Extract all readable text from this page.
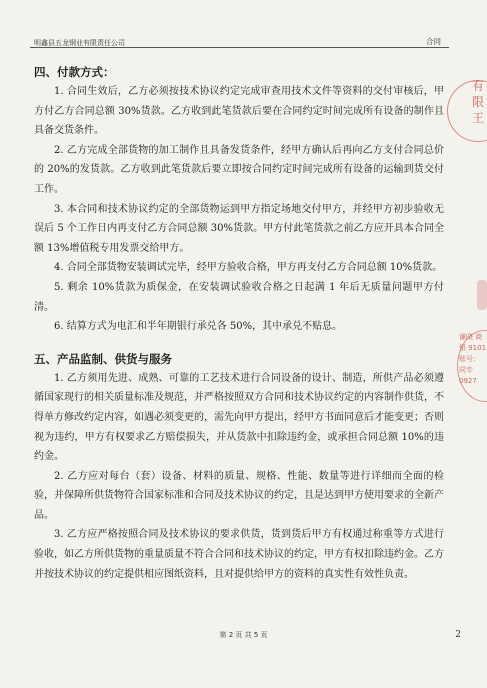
明鑫县五龙钢业有限责任公司	合同
四、付款方式：

1. 合同生效后，乙方必须按技术协议约定完成审查用技术文件等资料的交付审核后，甲方付乙方合同总额 30%货款。乙方收到此笔货款后要在合同约定时间完成所有设备的制作且具备交货条件。

2. 乙方完成全部货物的加工制作且具备发货条件，经甲方确认后再向乙方支付合同总价的 20%的发货款。乙方收到此笔货款后要立即按合同约定时间完成所有设备的运输到货交付工作。

3. 本合同和技术协议约定的全部货物运到甲方指定场地交付甲方，并经甲方初步验收无误后 5 个工作日内再支付乙方合同总额 30%货款。甲方付此笔货款之前乙方应开具本合同全额 13%增值税专用发票交给甲方。

4. 合同全部货物安装调试完毕，经甲方验收合格，甲方再支付乙方合同总额 10%货款。

5. 剩余 10%货款为质保金，在安装调试验收合格之日起满 1 年后无质量问题甲方付清。

6. 结算方式为电汇和半年期银行承兑各 50%，其中承兑不贴息。

五、产品监制、供货与服务

1. 乙方须用先进、成熟、可靠的工艺技术进行合同设备的设计、制造，所供产品必须遵循国家现行的相关质量标准及规范，并严格按照双方合同和技术协议约定的内容制作供货，不得单方修改约定内容，如遇必须变更的，需先向甲方提出，经甲方书面同意后才能变更；否则视为违约，甲方有权要求乙方赔偿损失，并从货款中扣除违约金，或承担合同总额 10%的违约金。

2. 乙方应对每台（套）设备、材料的质量、规格、性能、数量等进行详细而全面的检验，并保障所供货物符合国家标准和合同及技术协议的约定，且是达到甲方使用要求的全新产品。

3. 乙方应严格按照合同及技术协议的要求供货，货到货后甲方有权通过称重等方式进行验收，如乙方所供货物的重量质量不符合合同和技术协议的约定，甲方有权扣除违约金。乙方并按技术协议的约定提供相应图纸资料，且对提供给甲方的资料的真实性有效性负责。

第 2 页 共 5 页	2
有 限 王
谦晓 商银 9101 账号： 同专 0927
